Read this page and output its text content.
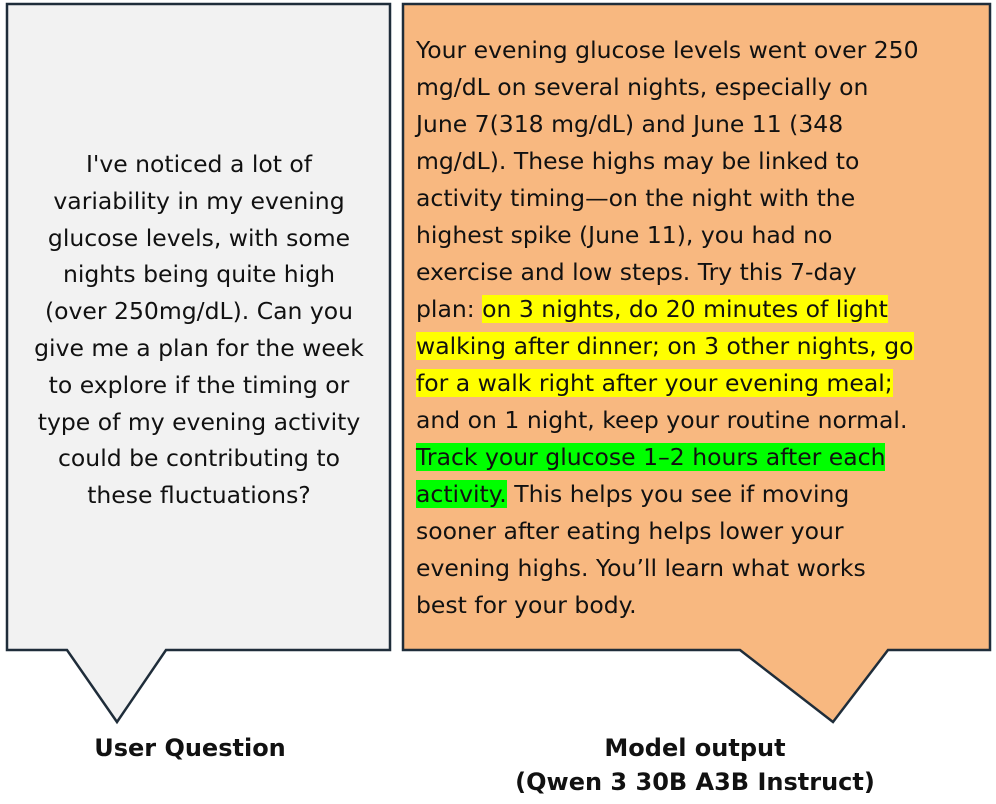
I've noticed a lot of
variability in my evening
glucose levels, with some
nights being quite high
(over 250mg/dL). Can you
give me a plan for the week
to explore if the timing or
type of my evening activity
could be contributing to
these fluctuations?
Your evening glucose levels went over 250
mg/dL on several nights, especially on
June 7(318 mg/dL) and June 11 (348
mg/dL). These highs may be linked to
activity timing—on the night with the
highest spike (June 11), you had no
exercise and low steps. Try this 7-day
plan: on 3 nights, do 20 minutes of light
walking after dinner; on 3 other nights, go
for a walk right after your evening meal;
and on 1 night, keep your routine normal.
Track your glucose 1–2 hours after each
activity. This helps you see if moving
sooner after eating helps lower your
evening highs. You’ll learn what works
best for your body.
User Question	Model output
(Qwen 3 30B A3B Instruct)
